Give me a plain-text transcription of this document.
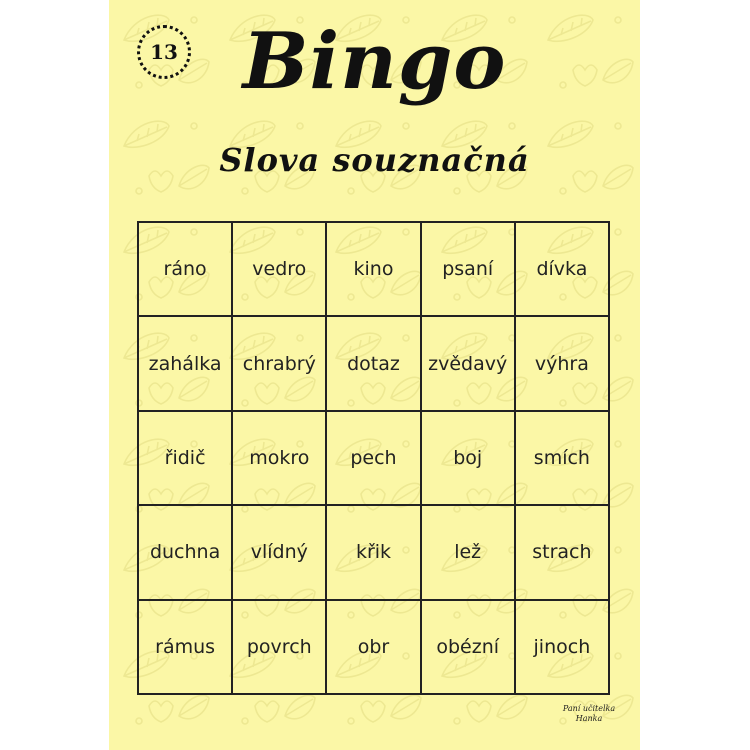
13 Bingo
Slova souznačná
ráno	vedro	kino	psaní	dívka
zahálka	chrabrý	dotaz	zvědavý	výhra
řidič	mokro	pech	boj	smích
duchna	vlídný	křik	lež	strach
rámus	povrch	obr	obézní	jinoch
Paní učitelka
Hanka
